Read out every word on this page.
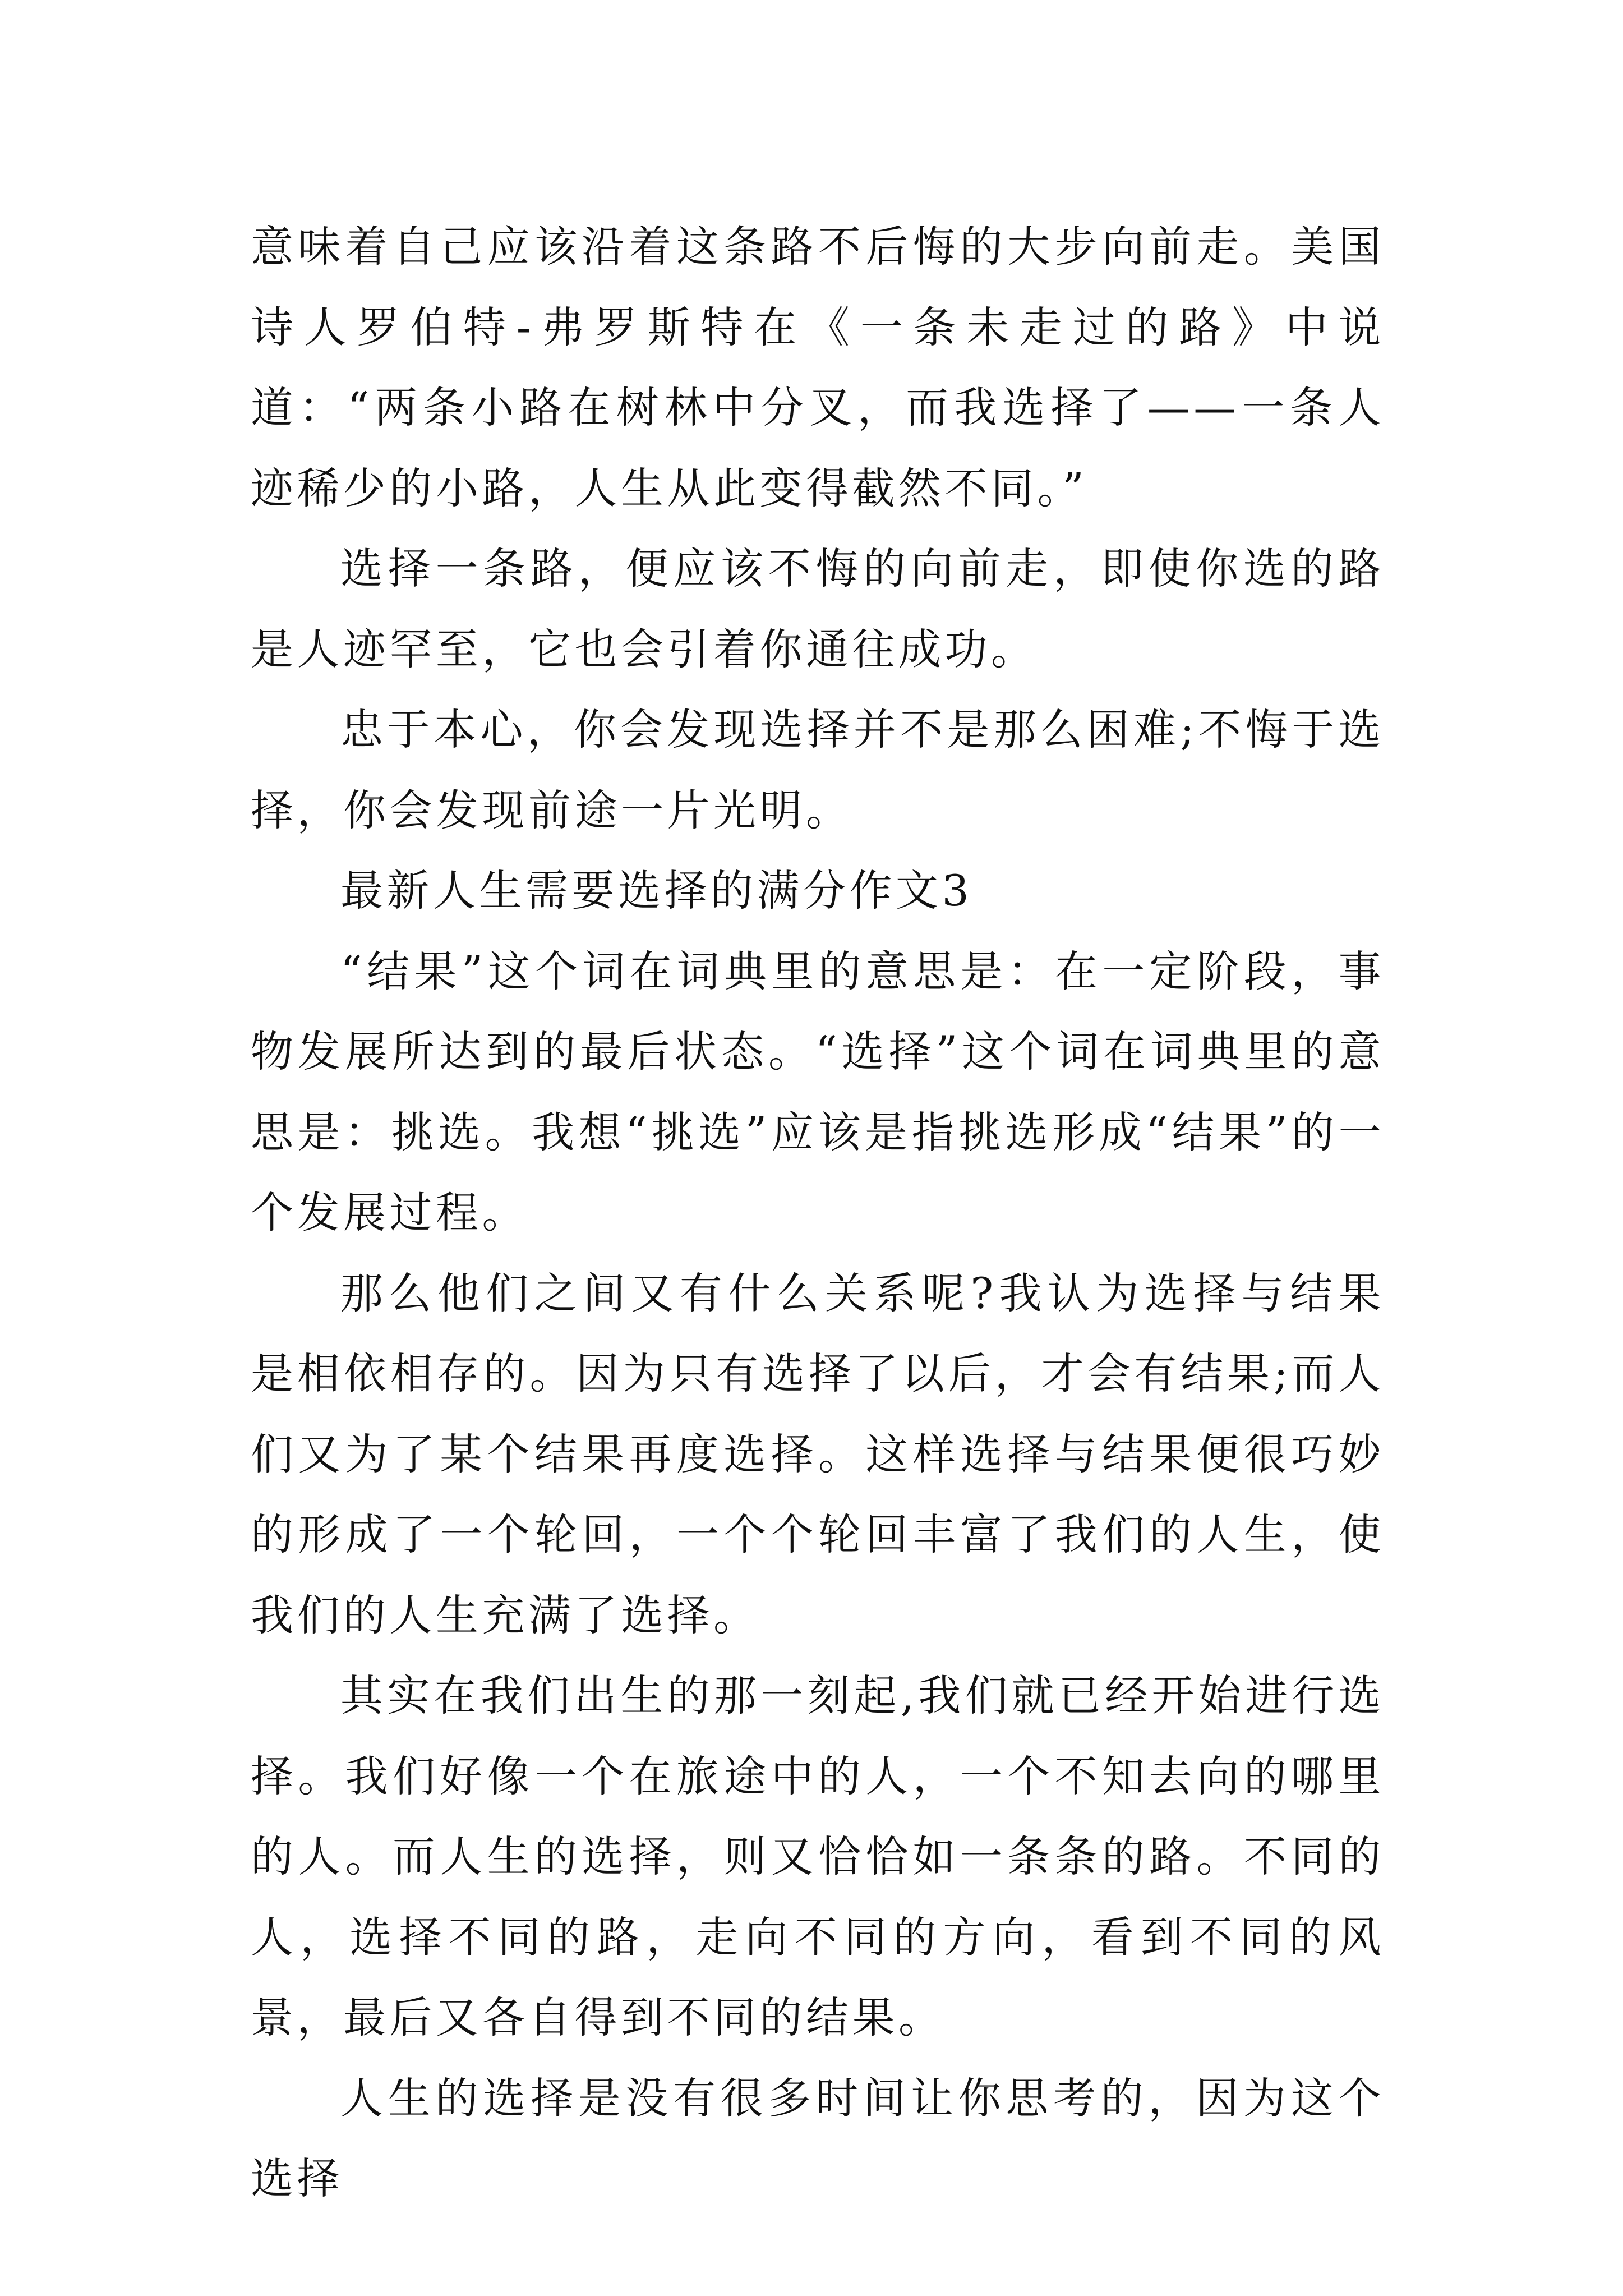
意味着自己应该沿着这条路不后悔的大步向前走。美国诗人罗伯特-弗罗斯特在《一条未走过的路》中说道：“两条小路在树林中分叉，而我选择了——一条人迹稀少的小路，人生从此变得截然不同。”

选择一条路，便应该不悔的向前走，即使你选的路是人迹罕至，它也会引着你通往成功。

忠于本心，你会发现选择并不是那么困难;不悔于选择，你会发现前途一片光明。

最新人生需要选择的满分作文3

“结果”这个词在词典里的意思是：在一定阶段，事物发展所达到的最后状态。“选择”这个词在词典里的意思是：挑选。我想“挑选”应该是指挑选形成“结果”的一个发展过程。

那么他们之间又有什么关系呢?我认为选择与结果是相依相存的。因为只有选择了以后，才会有结果;而人们又为了某个结果再度选择。这样选择与结果便很巧妙的形成了一个轮回，一个个轮回丰富了我们的人生，使我们的人生充满了选择。

其实在我们出生的那一刻起,我们就已经开始进行选择。我们好像一个在旅途中的人，一个不知去向的哪里的人。而人生的选择，则又恰恰如一条条的路。不同的人，选择不同的路，走向不同的方向，看到不同的风景，最后又各自得到不同的结果。

人生的选择是没有很多时间让你思考的，因为这个选择
